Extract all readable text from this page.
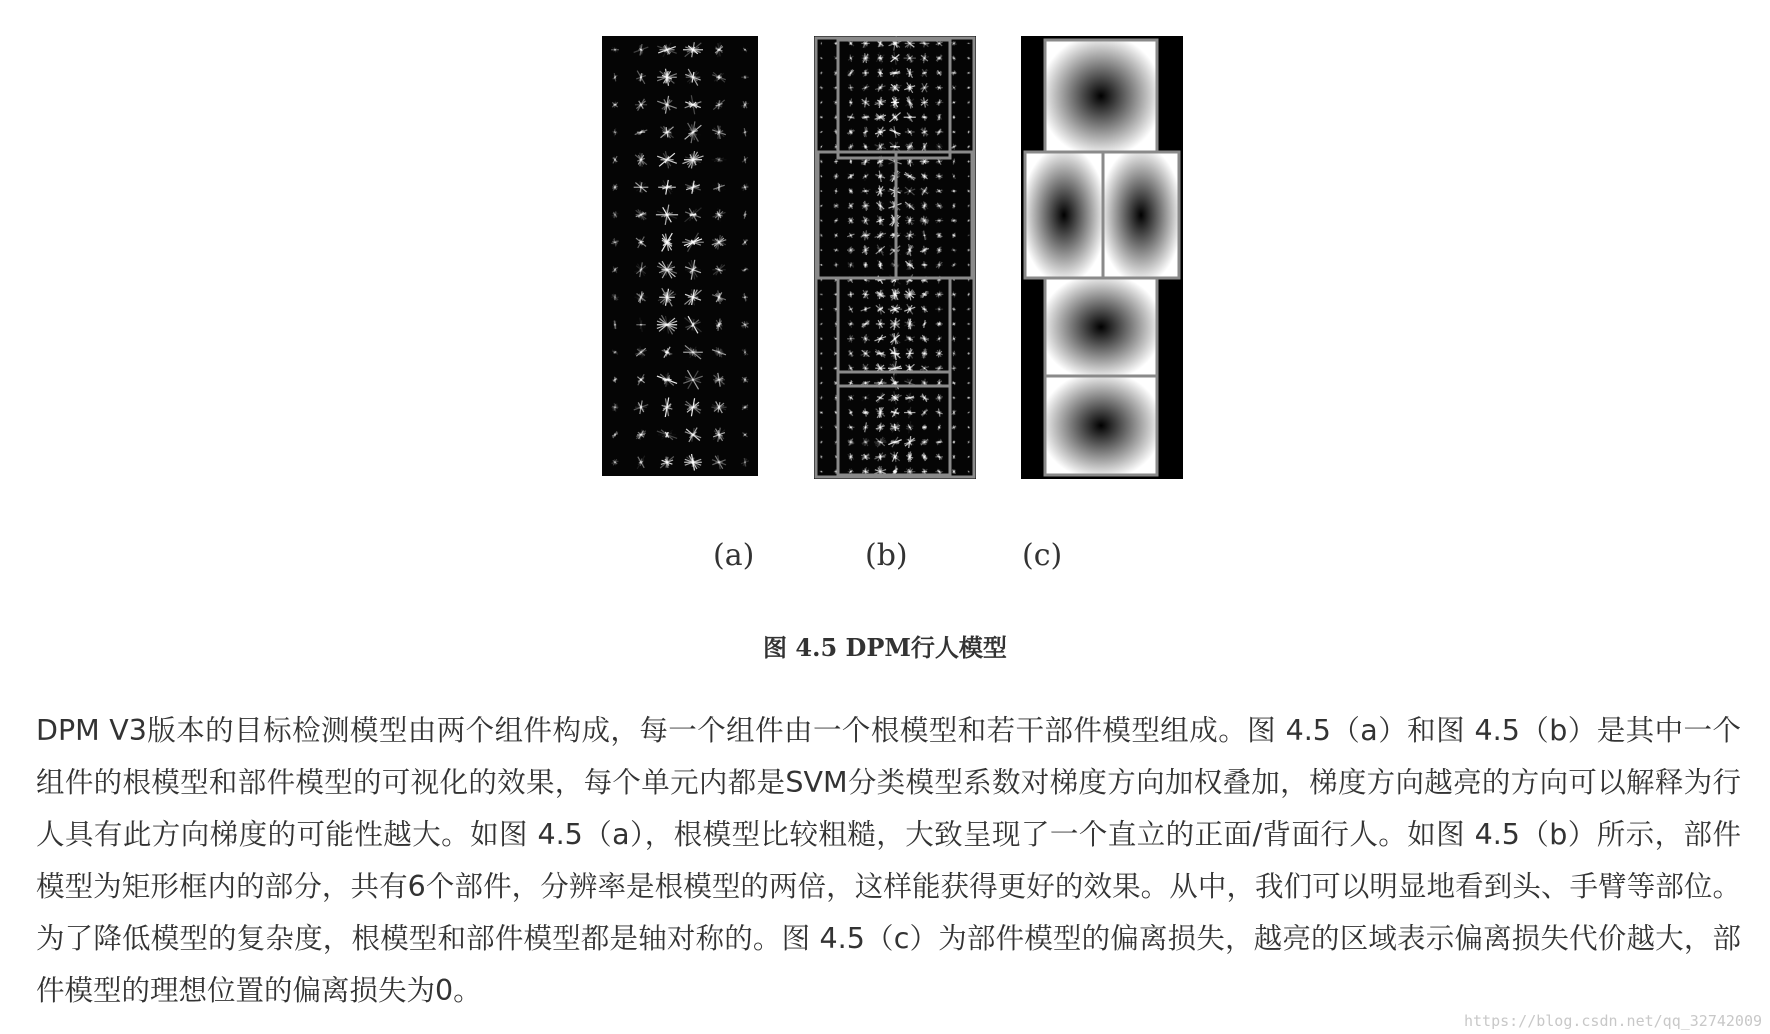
(a)	(b)	(c)
图 4.5 DPM行人模型
DPM V3版本的目标检测模型由两个组件构成，每一个组件由一个根模型和若干部件模型组成。图 4.5（a）和图 4.5（b）是其中一个组件的根模型和部件模型的可视化的效果，每个单元内都是SVM分类模型系数对梯度方向加权叠加，梯度方向越亮的方向可以解释为行人具有此方向梯度的可能性越大。如图 4.5（a），根模型比较粗糙，大致呈现了一个直立的正面/背面行人。如图 4.5（b）所示，部件模型为矩形框内的部分，共有6个部件，分辨率是根模型的两倍，这样能获得更好的效果。从中，我们可以明显地看到头、手臂等部位。为了降低模型的复杂度，根模型和部件模型都是轴对称的。图 4.5（c）为部件模型的偏离损失，越亮的区域表示偏离损失代价越大，部件模型的理想位置的偏离损失为0。
https://blog.csdn.net/qq_32742009
